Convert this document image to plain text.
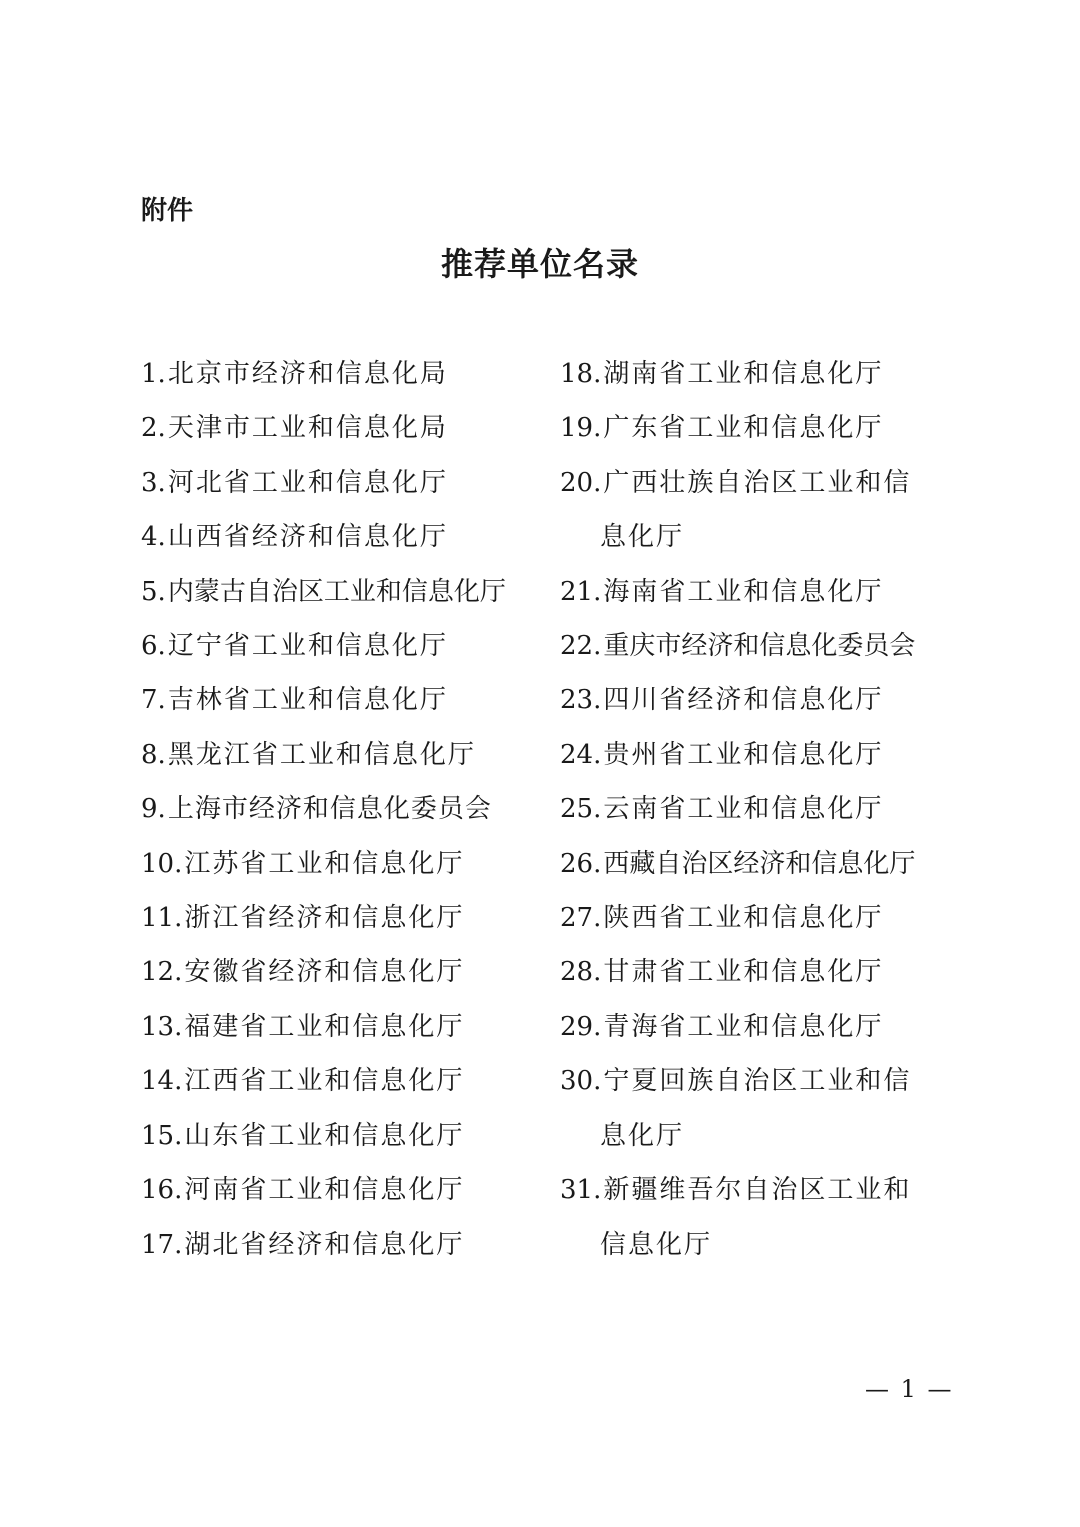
附件

推荐单位名录
1. 北京市经济和信息化局
2. 天津市工业和信息化局
3. 河北省工业和信息化厅
4. 山西省经济和信息化厅
5. 内蒙古自治区工业和信息化厅
6. 辽宁省工业和信息化厅
7. 吉林省工业和信息化厅
8. 黑龙江省工业和信息化厅
9. 上海市经济和信息化委员会
10. 江苏省工业和信息化厅
11. 浙江省经济和信息化厅
12. 安徽省经济和信息化厅
13. 福建省工业和信息化厅
14. 江西省工业和信息化厅
15. 山东省工业和信息化厅
16. 河南省工业和信息化厅
17. 湖北省经济和信息化厅
18. 湖南省工业和信息化厅
19. 广东省工业和信息化厅
20.广西壮族自治区工业和信
息化厅
21. 海南省工业和信息化厅
22. 重庆市经济和信息化委员会
23. 四川省经济和信息化厅
24. 贵州省工业和信息化厅
25. 云南省工业和信息化厅
26. 西藏自治区经济和信息化厅
27. 陕西省工业和信息化厅
28. 甘肃省工业和信息化厅
29. 青海省工业和信息化厅
30.宁夏回族自治区工业和信
息化厅
31.新疆维吾尔自治区工业和
信息化厅

— 1 —
